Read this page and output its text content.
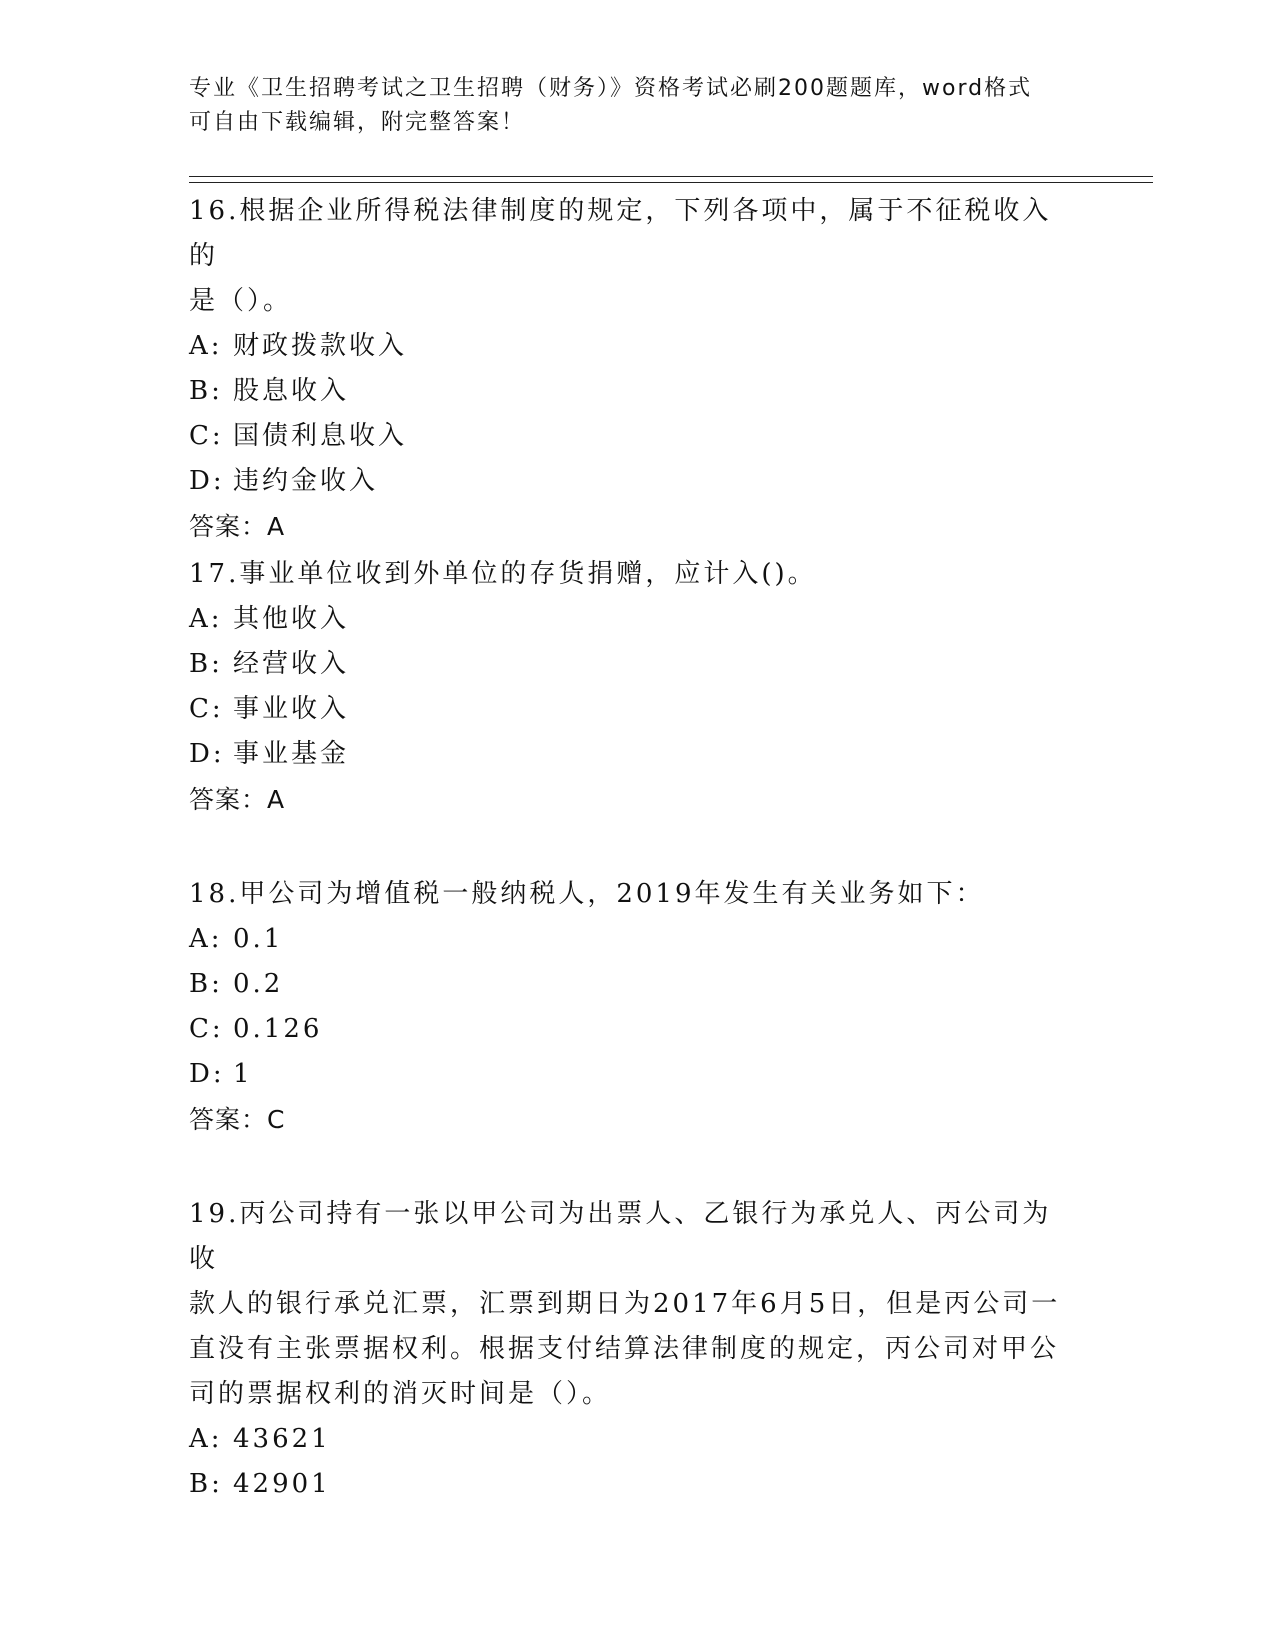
专业《卫生招聘考试之卫生招聘（财务）》资格考试必刷200题题库，word格式
可自由下载编辑，附完整答案！

16.根据企业所得税法律制度的规定，下列各项中，属于不征税收入的

是（）。

A: 财政拨款收入

B: 股息收入

C: 国债利息收入

D: 违约金收入

答案：A

17.事业单位收到外单位的存货捐赠，应计入()。

A: 其他收入

B: 经营收入

C: 事业收入

D: 事业基金

答案：A

18.甲公司为增值税一般纳税人，2019年发生有关业务如下：

A: 0.1

B: 0.2

C: 0.126

D: 1

答案：C

19.丙公司持有一张以甲公司为出票人、乙银行为承兑人、丙公司为收

款人的银行承兑汇票，汇票到期日为2017年6月5日，但是丙公司一

直没有主张票据权利。根据支付结算法律制度的规定，丙公司对甲公

司的票据权利的消灭时间是（）。

A: 43621

B: 42901
